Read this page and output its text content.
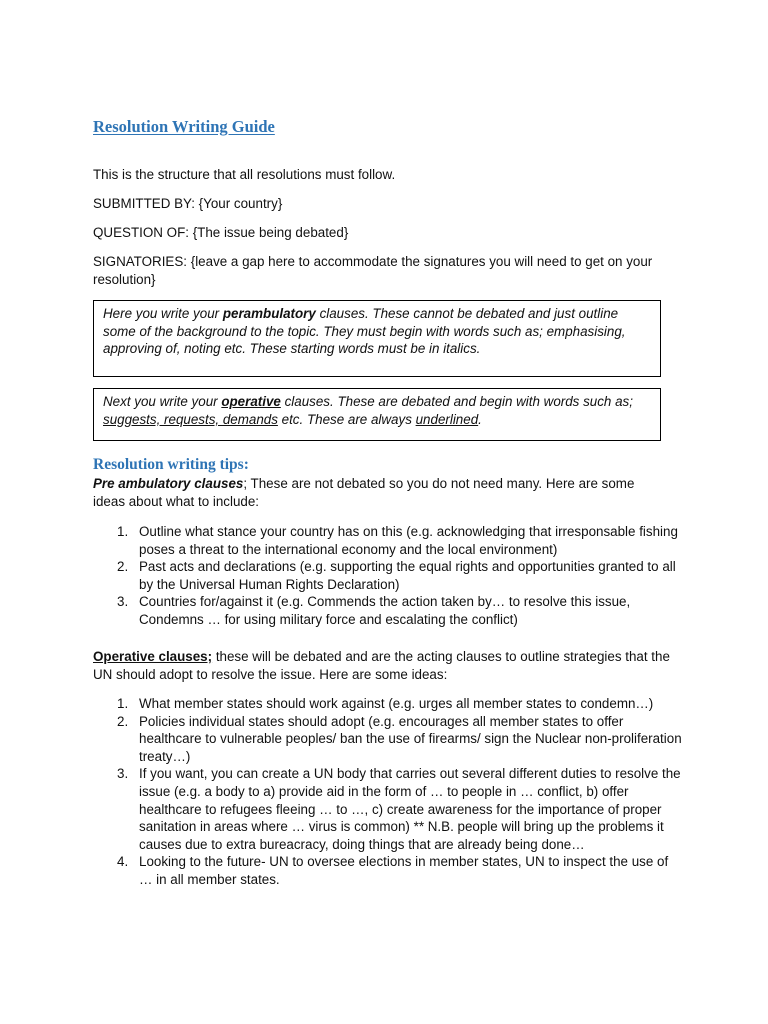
Resolution Writing Guide

This is the structure that all resolutions must follow.

SUBMITTED BY: {Your country}

QUESTION OF: {The issue being debated}

SIGNATORIES: {leave a gap here to accommodate the signatures you will need to get on your resolution}

Here you write your perambulatory clauses. These cannot be debated and just outline some of the background to the topic. They must begin with words such as; emphasising, approving of, noting etc. These starting words must be in italics.
Next you write your operative clauses. These are debated and begin with words such as; suggests, requests, demands etc. These are always underlined.
Resolution writing tips:

Pre ambulatory clauses; These are not debated so you do not need many. Here are some ideas about what to include:

1. Outline what stance your country has on this (e.g. acknowledging that irresponsable fishing poses a threat to the international economy and the local environment)
2. Past acts and declarations (e.g. supporting the equal rights and opportunities granted to all by the Universal Human Rights Declaration)
3. Countries for/against it (e.g. Commends the action taken by… to resolve this issue, Condemns … for using military force and escalating the conflict)

Operative clauses; these will be debated and are the acting clauses to outline strategies that the UN should adopt to resolve the issue. Here are some ideas:

1. What member states should work against (e.g. urges all member states to condemn…)
2. Policies individual states should adopt (e.g. encourages all member states to offer healthcare to vulnerable peoples/ ban the use of firearms/ sign the Nuclear non-proliferation treaty…)
3. If you want, you can create a UN body that carries out several different duties to resolve the issue (e.g. a body to a) provide aid in the form of … to people in … conflict, b) offer healthcare to refugees fleeing … to …, c) create awareness for the importance of proper sanitation in areas where … virus is common) ** N.B. people will bring up the problems it causes due to extra bureacracy, doing things that are already being done…
4. Looking to the future- UN to oversee elections in member states, UN to inspect the use of … in all member states.
